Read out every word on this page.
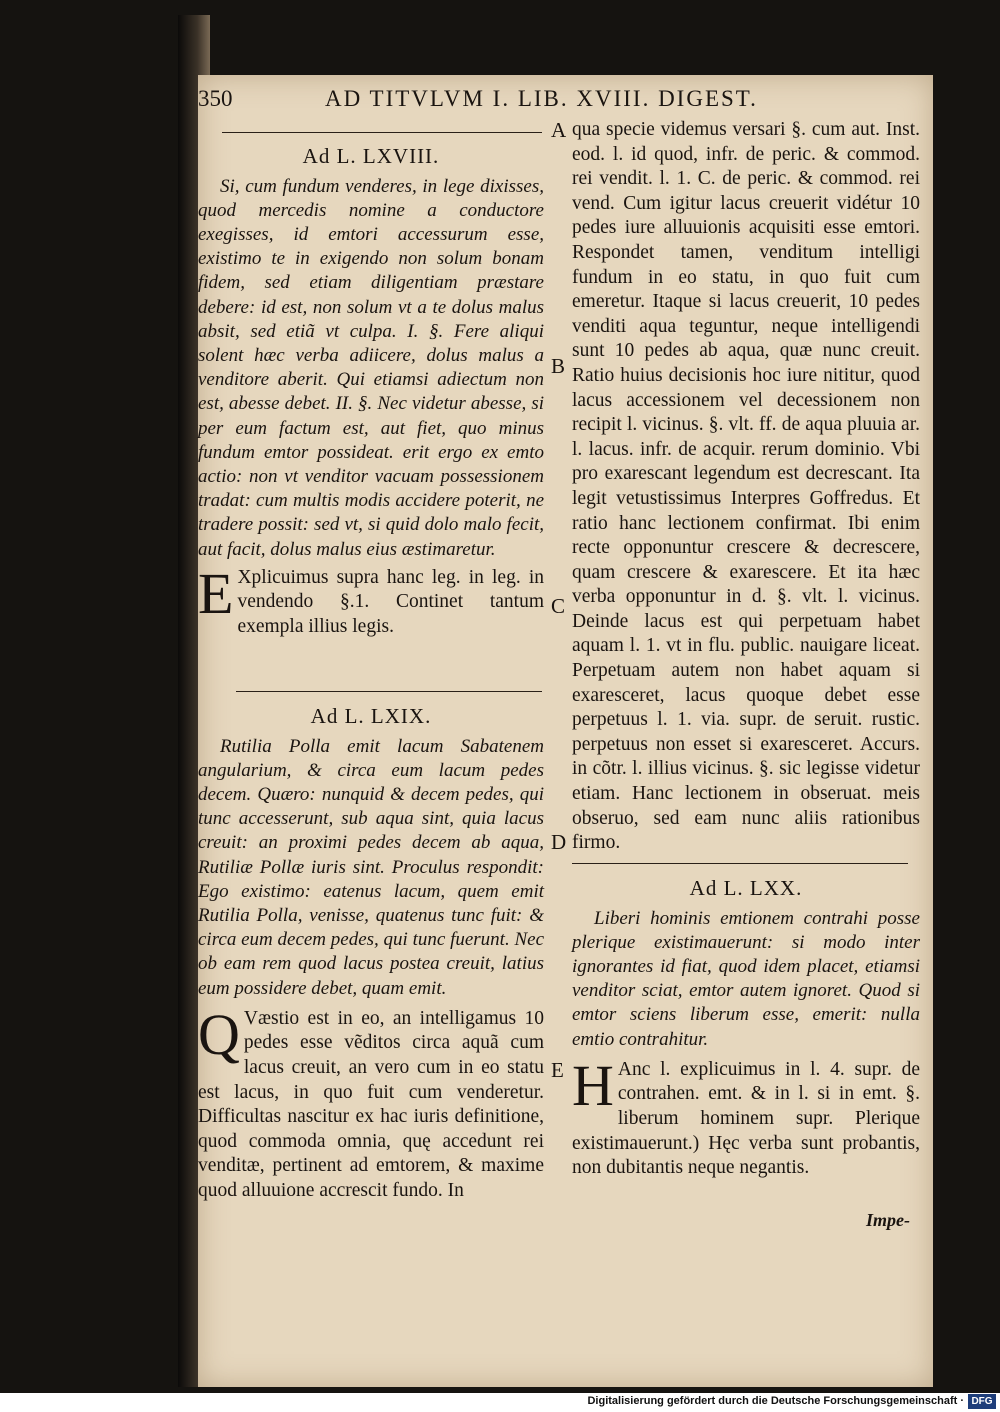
350	AD TITVLVM I. LIB. XVIII. DIGEST.
A
B
C
D
E

Ad L. LXVIII.

Si, cum fundum venderes, in lege dixisses, quod mercedis nomine a conductore exegisses, id emtori accessurum esse, existimo te in exigendo non solum bonam fidem, sed etiam diligentiam præstare debere: id est, non solum vt a te dolus malus absit, sed etiã vt culpa. I. §. Fere aliqui solent hæc verba adiicere, dolus malus a venditore aberit. Qui etiamsi adiectum non est, abesse debet. II. §. Nec videtur abesse, si per eum factum est, aut fiet, quo minus fundum emtor possideat. erit ergo ex emto actio: non vt venditor vacuam possessionem tradat: cum multis modis accidere poterit, ne tradere possit: sed vt, si quid dolo malo fecit, aut facit, dolus malus eius æstimaretur.

E Xplicuimus supra hanc leg. in leg. in vendendo §.1. Continet tantum exempla illius legis.

Ad L. LXIX.

Rutilia Polla emit lacum Sabatenem angularium, & circa eum lacum pedes decem. Quæro: nunquid & decem pedes, qui tunc accesserunt, sub aqua sint, quia lacus creuit: an proximi pedes decem ab aqua, Rutiliæ Pollæ iuris sint. Proculus respondit: Ego existimo: eatenus lacum, quem emit Rutilia Polla, venisse, quatenus tunc fuit: & circa eum decem pedes, qui tunc fuerunt. Nec ob eam rem quod lacus postea creuit, latius eum possidere debet, quam emit.

Q Væstio est in eo, an intelligamus 10 pedes esse vẽditos circa aquã cum lacus creuit, an vero cum in eo statu est lacus, in quo fuit cum venderetur. Difficultas nascitur ex hac iuris definitione, quod commoda omnia, quę accedunt rei venditæ, pertinent ad emtorem, & maxime quod alluuione accrescit fundo. In

qua specie videmus versari §. cum aut. Inst. eod. l. id quod, infr. de peric. & commod. rei vendit. l. 1. C. de peric. & commod. rei vend. Cum igitur lacus creuerit vidétur 10 pedes iure alluuionis acquisiti esse emtori. Respondet tamen, venditum intelligi fundum in eo statu, in quo fuit cum emeretur. Itaque si lacus creuerit, 10 pedes venditi aqua teguntur, neque intelligendi sunt 10 pedes ab aqua, quæ nunc creuit. Ratio huius decisionis hoc iure nititur, quod lacus accessionem vel decessionem non recipit l. vicinus. §. vlt. ff. de aqua pluuia ar. l. lacus. infr. de acquir. rerum dominio. Vbi pro exarescant legendum est decrescant. Ita legit vetustissimus Interpres Goffredus. Et ratio hanc lectionem confirmat. Ibi enim recte opponuntur crescere & decrescere, quam crescere & exarescere. Et ita hæc verba opponuntur in d. §. vlt. l. vicinus. Deinde lacus est qui perpetuam habet aquam l. 1. vt in flu. public. nauigare liceat. Perpetuam autem non habet aquam si exaresceret, lacus quoque debet esse perpetuus l. 1. via. supr. de seruit. rustic. perpetuus non esset si exaresceret. Accurs. in cõtr. l. illius vicinus. §. sic legisse videtur etiam. Hanc lectionem in obseruat. meis obseruo, sed eam nunc aliis rationibus firmo.

Ad L. LXX.

Liberi hominis emtionem contrahi posse plerique existimauerunt: si modo inter ignorantes id fiat, quod idem placet, etiamsi venditor sciat, emtor autem ignoret. Quod si emtor sciens liberum esse, emerit: nulla emtio contrahitur.

H Anc l. explicuimus in l. 4. supr. de contrahen. emt. & in l. si in emt. §. liberum hominem supr. Plerique existimauerunt.) Hęc verba sunt probantis, non dubitantis neque negantis.

Impe-
Digitalisierung gefördert durch die Deutsche Forschungsgemeinschaft · DFG
